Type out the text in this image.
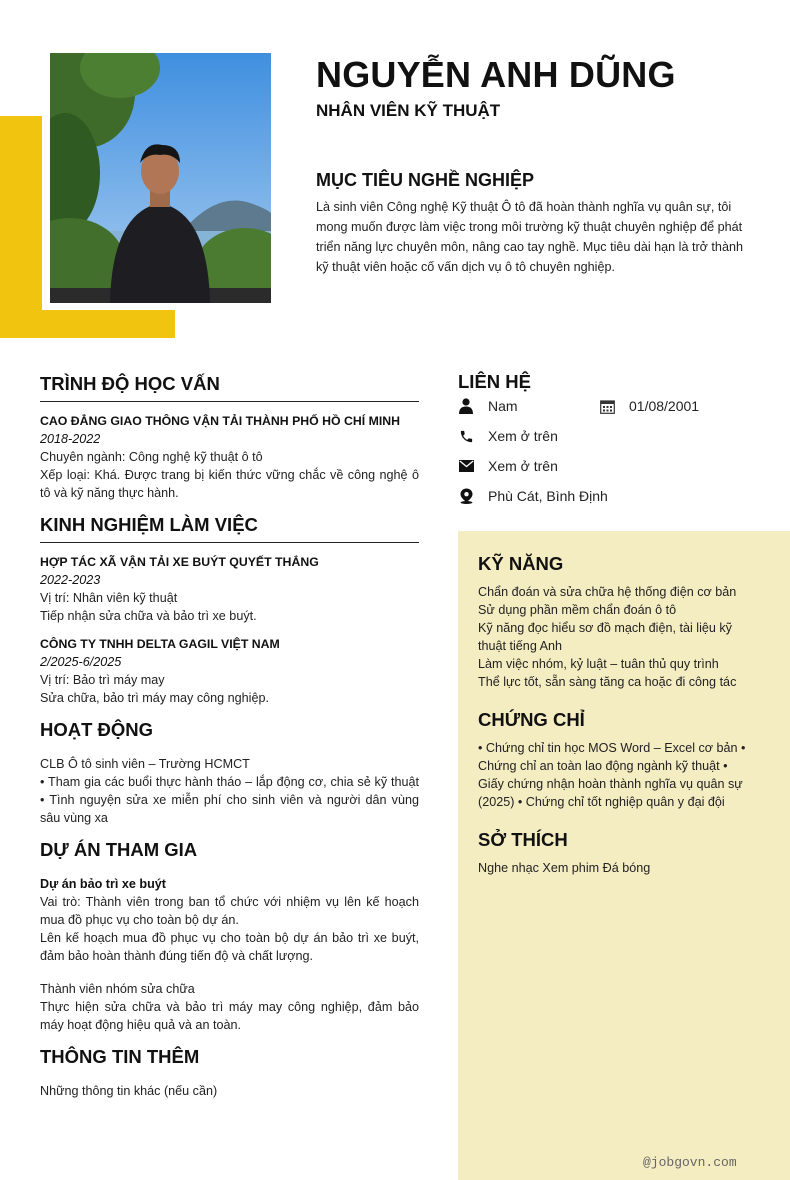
NGUYỄN ANH DŨNG
NHÂN VIÊN KỸ THUẬT
MỤC TIÊU NGHỀ NGHIỆP
Là sinh viên Công nghệ Kỹ thuật Ô tô đã hoàn thành nghĩa vụ quân sự, tôi mong muốn được làm việc trong môi trường kỹ thuật chuyên nghiệp để phát triển năng lực chuyên môn, nâng cao tay nghề. Mục tiêu dài hạn là trở thành kỹ thuật viên hoặc cố vấn dịch vụ ô tô chuyên nghiệp.
TRÌNH ĐỘ HỌC VẤN
CAO ĐẲNG GIAO THÔNG VẬN TẢI THÀNH PHỐ HỒ CHÍ MINH
2018-2022
Chuyên ngành: Công nghệ kỹ thuật ô tô
Xếp loại: Khá. Được trang bị kiến thức vững chắc về công nghệ ô tô và kỹ năng thực hành.
KINH NGHIỆM LÀM VIỆC
HỢP TÁC XÃ VẬN TẢI XE BUÝT QUYẾT THẮNG
2022-2023
Vị trí: Nhân viên kỹ thuật
Tiếp nhận sửa chữa và bảo trì xe buýt.
CÔNG TY TNHH DELTA GAGIL VIỆT NAM
2/2025-6/2025
Vị trí: Bảo trì máy may
Sửa chữa, bảo trì máy may công nghiệp.
HOẠT ĐỘNG
CLB Ô tô sinh viên – Trường HCMCT
• Tham gia các buổi thực hành tháo – lắp động cơ, chia sẻ kỹ thuật • Tình nguyện sửa xe miễn phí cho sinh viên và người dân vùng sâu vùng xa
DỰ ÁN THAM GIA
Dự án bảo trì xe buýt
Vai trò: Thành viên trong ban tổ chức với nhiệm vụ lên kế hoạch mua đồ phục vụ cho toàn bộ dự án.
Lên kế hoạch mua đồ phục vụ cho toàn bộ dự án bảo trì xe buýt, đảm bảo hoàn thành đúng tiến độ và chất lượng.
Thành viên nhóm sửa chữa
Thực hiện sửa chữa và bảo trì máy may công nghiệp, đảm bảo máy hoạt động hiệu quả và an toàn.
THÔNG TIN THÊM
Những thông tin khác (nếu cần)
LIÊN HỆ
Nam	01/08/2001
Xem ở trên
Xem ở trên
Phù Cát, Bình Định
KỸ NĂNG
Chẩn đoán và sửa chữa hệ thống điện cơ bản
Sử dụng phần mềm chẩn đoán ô tô
Kỹ năng đọc hiểu sơ đồ mạch điện, tài liệu kỹ thuật tiếng Anh
Làm việc nhóm, kỷ luật – tuân thủ quy trình
Thể lực tốt, sẵn sàng tăng ca hoặc đi công tác
CHỨNG CHỈ
• Chứng chỉ tin học MOS Word – Excel cơ bản • Chứng chỉ an toàn lao động ngành kỹ thuật • Giấy chứng nhận hoàn thành nghĩa vụ quân sự (2025) • Chứng chỉ tốt nghiệp quân y đại đội
SỞ THÍCH
Nghe nhạc Xem phim Đá bóng
@jobgovn.com
